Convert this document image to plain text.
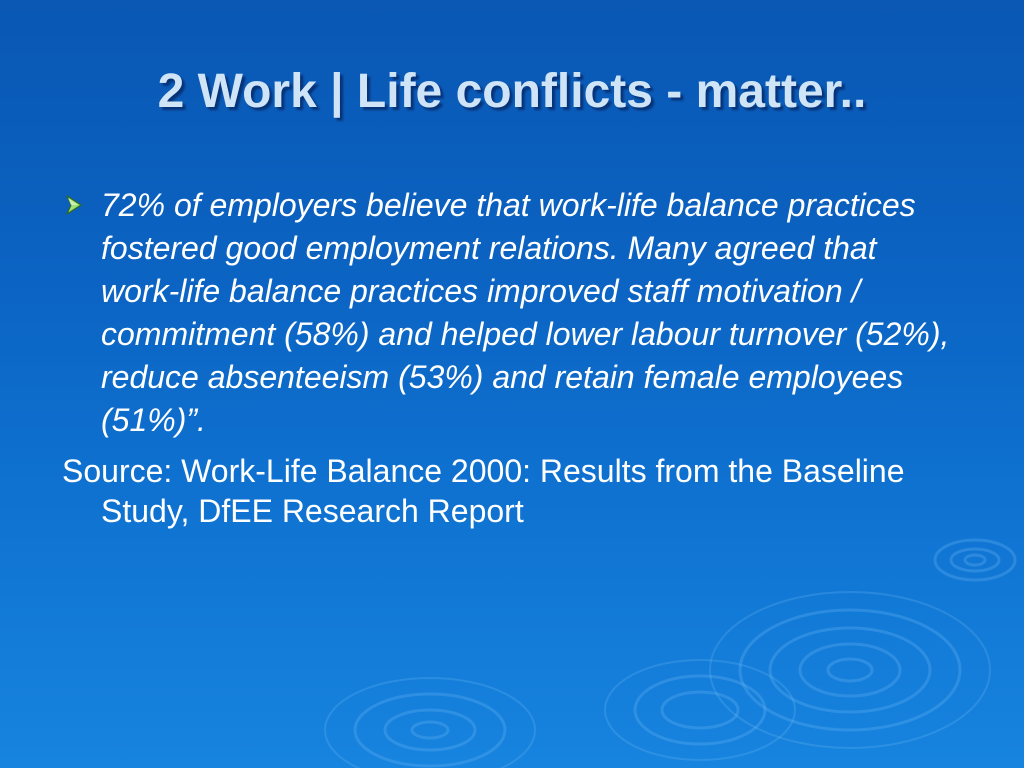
2 Work | Life conflicts - matter..

72% of employers believe that work-life balance practices fostered good employment relations. Many agreed that work-life balance practices improved staff motivation / commitment (58%) and helped lower labour turnover (52%), reduce absenteeism (53%) and retain female employees (51%)”.

Source: Work-Life Balance 2000: Results from the Baseline Study, DfEE Research Report
